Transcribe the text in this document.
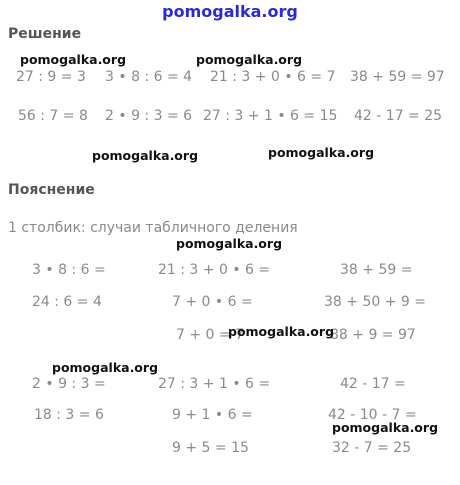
pomogalka.org
Решение
27 : 9 = 3 3 • 8 : 6 = 4 21 : 3 + 0 • 6 = 7 38 + 59 = 97
56 : 7 = 8 2 • 9 : 3 = 6 27 : 3 + 1 • 6 = 15 42 - 17 = 25
Пояснение
1 столбик: случаи табличного деления
3 • 8 : 6 =
24 : 6 = 4
21 : 3 + 0 • 6 =
7 + 0 • 6 =
7 + 0 = 7
38 + 59 =
38 + 50 + 9 =
88 + 9 = 97
2 • 9 : 3 =
18 : 3 = 6
27 : 3 + 1 • 6 =
9 + 1 • 6 =
9 + 5 = 15
42 - 17 =
42 - 10 - 7 =
32 - 7 = 25
pomogalka.org	pomogalka.org
pomogalka.org	pomogalka.org
pomogalka.org
pomogalka.org
pomogalka.org
pomogalka.org
